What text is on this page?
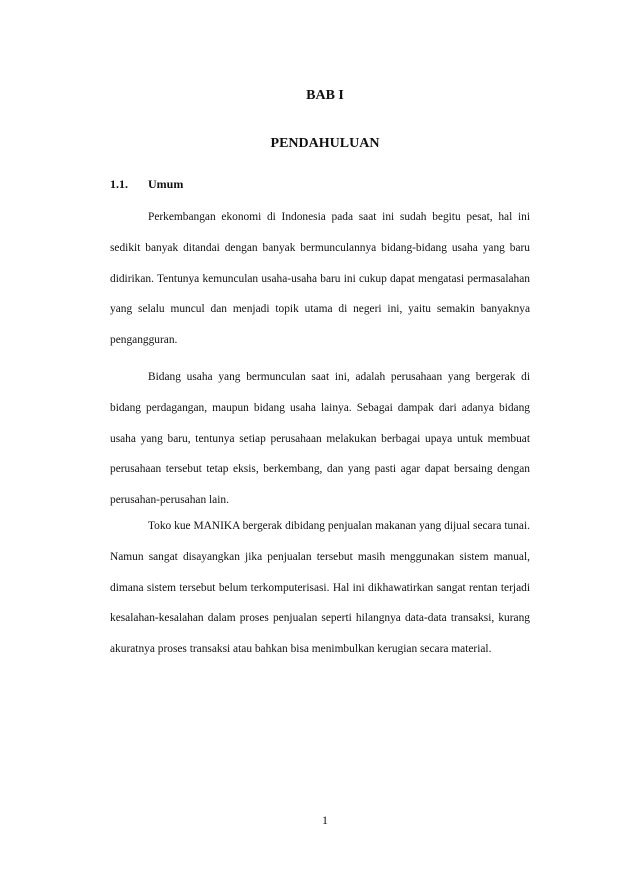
BAB I
PENDAHULUAN
1.1. Umum

Perkembangan ekonomi di Indonesia pada saat ini sudah begitu pesat, hal ini sedikit banyak ditandai dengan banyak bermunculannya bidang-bidang usaha yang baru didirikan. Tentunya kemunculan usaha-usaha baru ini cukup dapat mengatasi permasalahan yang selalu muncul dan menjadi topik utama di negeri ini, yaitu semakin banyaknya pengangguran.

Bidang usaha yang bermunculan saat ini, adalah perusahaan yang bergerak di bidang perdagangan, maupun bidang usaha lainya. Sebagai dampak dari adanya bidang usaha yang baru, tentunya setiap perusahaan melakukan berbagai upaya untuk membuat perusahaan tersebut tetap eksis, berkembang, dan yang pasti agar dapat bersaing dengan perusahan-perusahan lain.

Toko kue MANIKA bergerak dibidang penjualan makanan yang dijual secara tunai. Namun sangat disayangkan jika penjualan tersebut masih menggunakan sistem manual, dimana sistem tersebut belum terkomputerisasi. Hal ini dikhawatirkan sangat rentan terjadi kesalahan-kesalahan dalam proses penjualan seperti hilangnya data-data transaksi, kurang akuratnya proses transaksi atau bahkan bisa menimbulkan kerugian secara material.

1
